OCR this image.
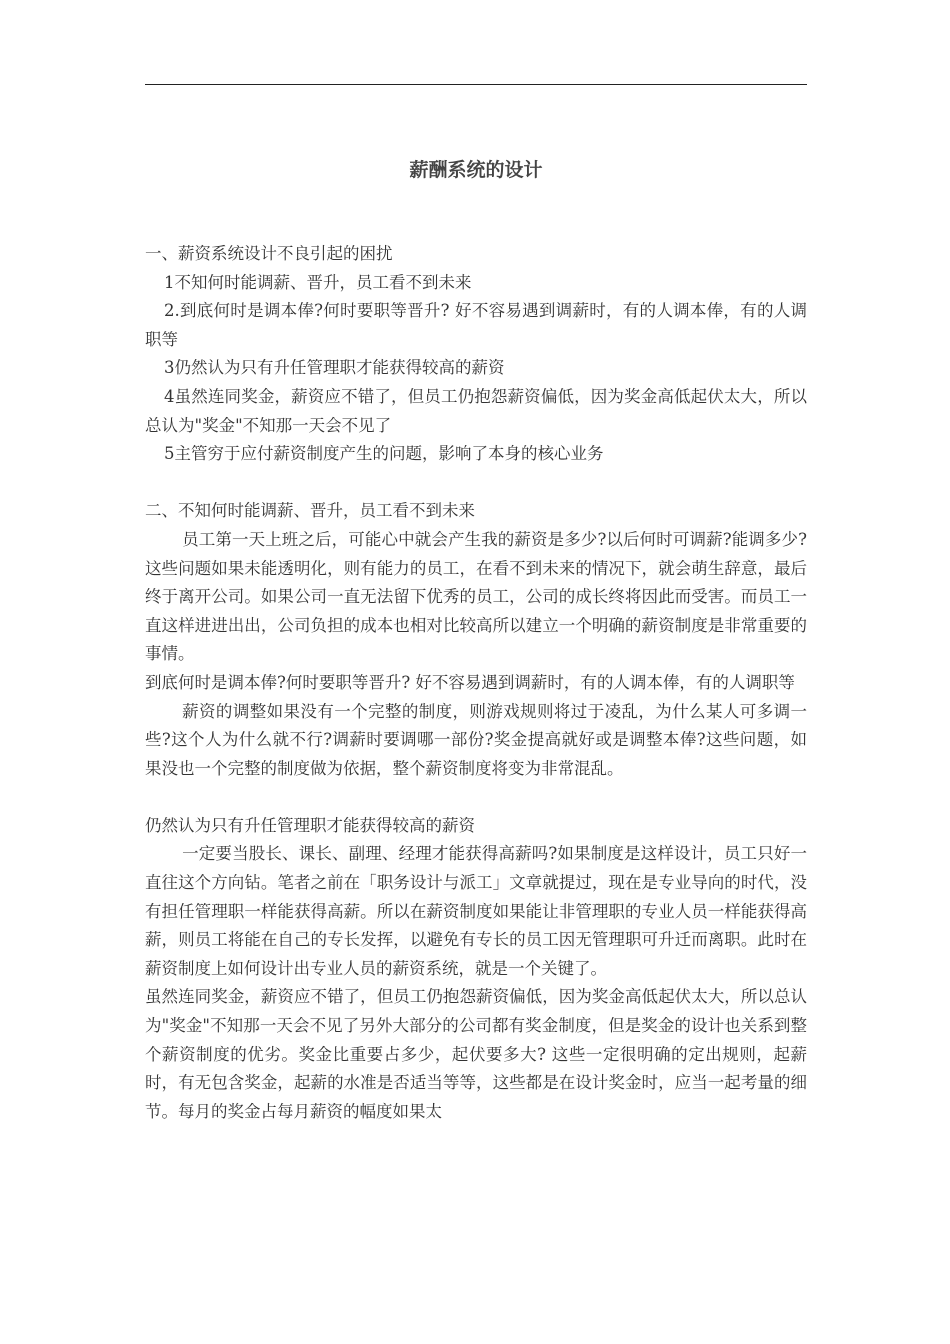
薪酬系统的设计

一、薪资系统设计不良引起的困扰

1不知何时能调薪、晋升，员工看不到未来

2.到底何时是调本俸?何时要职等晋升? 好不容易遇到调薪时，有的人调本俸，有的人调职等

3仍然认为只有升任管理职才能获得较高的薪资

4虽然连同奖金，薪资应不错了，但员工仍抱怨薪资偏低，因为奖金高低起伏太大，所以总认为"奖金"不知那一天会不见了

5主管穷于应付薪资制度产生的问题，影响了本身的核心业务

二、不知何时能调薪、晋升，员工看不到未来

员工第一天上班之后，可能心中就会产生我的薪资是多少?以后何时可调薪?能调多少?这些问题如果未能透明化，则有能力的员工，在看不到未来的情况下，就会萌生辞意，最后终于离开公司。如果公司一直无法留下优秀的员工，公司的成长终将因此而受害。而员工一直这样进进出出，公司负担的成本也相对比较高所以建立一个明确的薪资制度是非常重要的事情。

到底何时是调本俸?何时要职等晋升? 好不容易遇到调薪时，有的人调本俸，有的人调职等

薪资的调整如果没有一个完整的制度，则游戏规则将过于凌乱，为什么某人可多调一些?这个人为什么就不行?调薪时要调哪一部份?奖金提高就好或是调整本俸?这些问题，如果没也一个完整的制度做为依据，整个薪资制度将变为非常混乱。

仍然认为只有升任管理职才能获得较高的薪资

一定要当股长、课长、副理、经理才能获得高薪吗?如果制度是这样设计，员工只好一直往这个方向钻。笔者之前在「职务设计与派工」文章就提过，现在是专业导向的时代，没有担任管理职一样能获得高薪。所以在薪资制度如果能让非管理职的专业人员一样能获得高薪，则员工将能在自己的专长发挥，以避免有专长的员工因无管理职可升迁而离职。此时在薪资制度上如何设计出专业人员的薪资系统，就是一个关键了。

虽然连同奖金，薪资应不错了，但员工仍抱怨薪资偏低，因为奖金高低起伏太大，所以总认为"奖金"不知那一天会不见了另外大部分的公司都有奖金制度，但是奖金的设计也关系到整个薪资制度的优劣。奖金比重要占多少，起伏要多大? 这些一定很明确的定出规则，起薪时，有无包含奖金，起薪的水准是否适当等等，这些都是在设计奖金时，应当一起考量的细节。每月的奖金占每月薪资的幅度如果太
